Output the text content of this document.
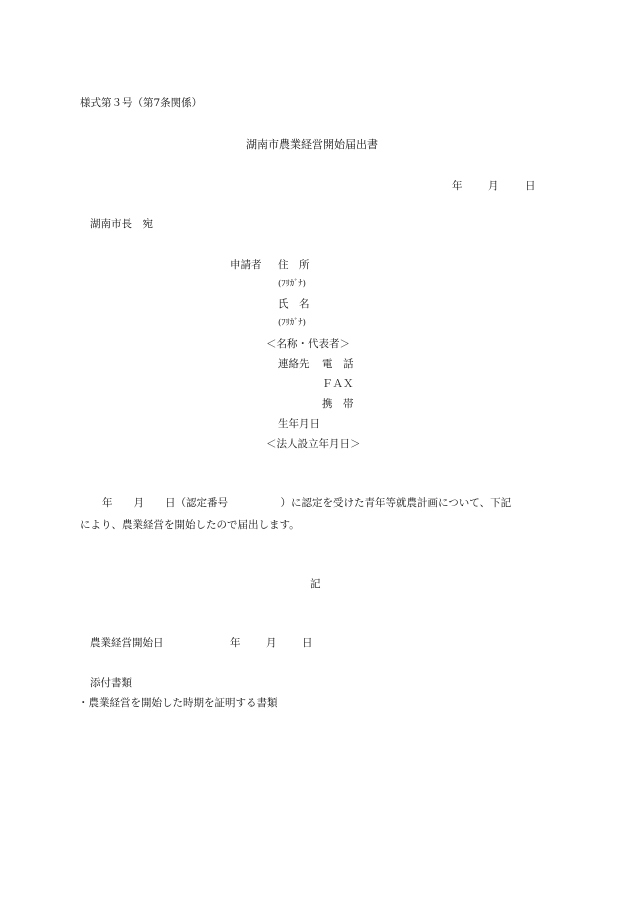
様式第３号（第7条関係）
湖南市農業経営開始届出書
年 月	日
湖南市長　宛
申請者 住　所
(ﾌﾘｶﾞﾅ)
氏　名
(ﾌﾘｶﾞﾅ)
＜名称・代表者＞
連絡先 電　話
ＦＡＸ
携　帯
生年月日
＜法人設立年月日＞
年　　月　　日（認定番号　　　　　）に認定を受けた青年等就農計画について、下記
により、農業経営を開始したので届出します。
記
農業経営開始日	年 月 日
添付書類
・農業経営を開始した時期を証明する書類
